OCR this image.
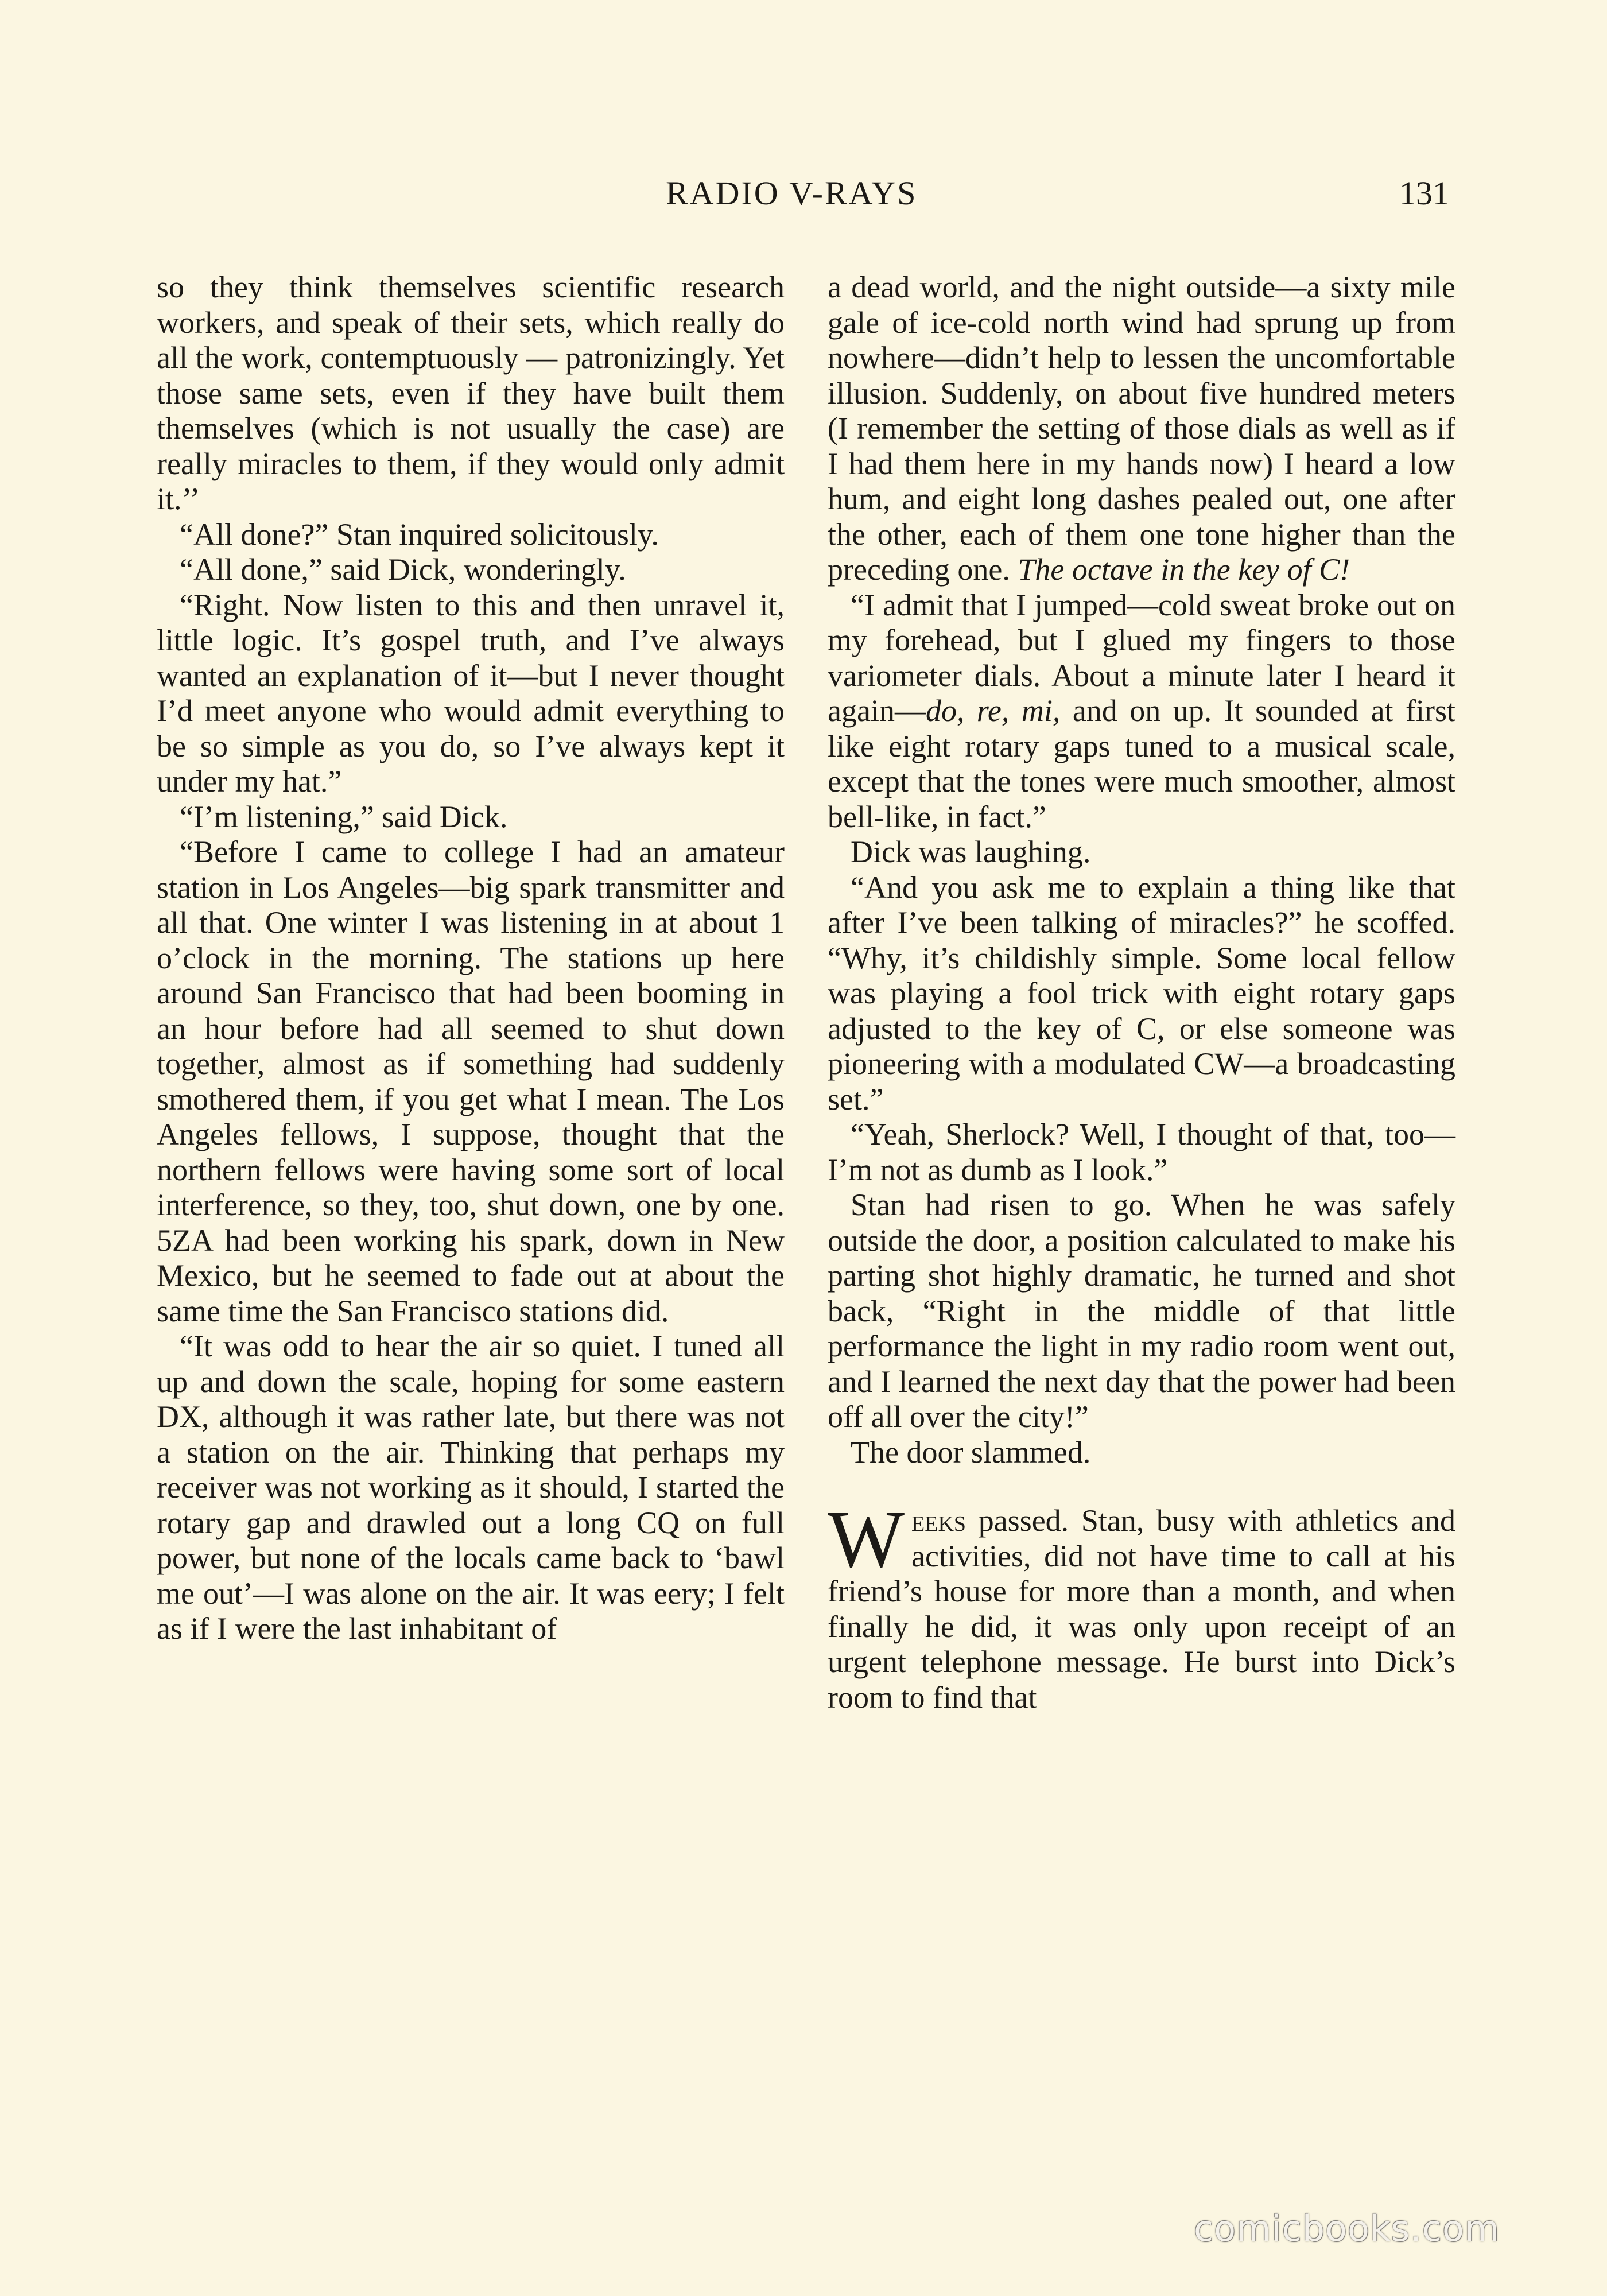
RADIO V-RAYS	131

so they think themselves scientific research workers, and speak of their sets, which really do all the work, contemptuously — patronizingly. Yet those same sets, even if they have built them themselves (which is not usually the case) are really miracles to them, if they would only admit it.’’

“All done?” Stan inquired solicitously.

“All done,” said Dick, wonderingly.

“Right. Now listen to this and then unravel it, little logic. It’s gospel truth, and I’ve always wanted an explanation of it—but I never thought I’d meet anyone who would admit everything to be so simple as you do, so I’ve always kept it under my hat.”

“I’m listening,” said Dick.

“Before I came to college I had an amateur station in Los Angeles—big spark transmitter and all that. One winter I was listening in at about 1 o’clock in the morning. The stations up here around San Francisco that had been booming in an hour before had all seemed to shut down together, almost as if something had suddenly smothered them, if you get what I mean. The Los Angeles fellows, I suppose, thought that the northern fellows were having some sort of local interference, so they, too, shut down, one by one. 5ZA had been working his spark, down in New Mexico, but he seemed to fade out at about the same time the San Francisco stations did.

“It was odd to hear the air so quiet. I tuned all up and down the scale, hoping for some eastern DX, although it was rather late, but there was not a station on the air. Thinking that perhaps my receiver was not working as it should, I started the rotary gap and drawled out a long CQ on full power, but none of the locals came back to ‘bawl me out’—I was alone on the air. It was eery; I felt as if I were the last inhabitant of

a dead world, and the night outside—a sixty mile gale of ice-cold north wind had sprung up from nowhere—didn’t help to lessen the uncomfortable illusion. Suddenly, on about five hundred meters (I remember the setting of those dials as well as if I had them here in my hands now) I heard a low hum, and eight long dashes pealed out, one after the other, each of them one tone higher than the preceding one. The octave in the key of C!

“I admit that I jumped—cold sweat broke out on my forehead, but I glued my fingers to those variometer dials. About a minute later I heard it again—do, re, mi, and on up. It sounded at first like eight rotary gaps tuned to a musical scale, except that the tones were much smoother, almost bell-like, in fact.”

Dick was laughing.

“And you ask me to explain a thing like that after I’ve been talking of miracles?” he scoffed. “Why, it’s childishly simple. Some local fellow was playing a fool trick with eight rotary gaps adjusted to the key of C, or else someone was pioneering with a modulated CW—a broadcasting set.”

“Yeah, Sherlock? Well, I thought of that, too—I’m not as dumb as I look.”

Stan had risen to go. When he was safely outside the door, a position calculated to make his parting shot highly dramatic, he turned and shot back, “Right in the middle of that little performance the light in my radio room went out, and I learned the next day that the power had been off all over the city!”

The door slammed.

Weeks passed. Stan, busy with athletics and activities, did not have time to call at his friend’s house for more than a month, and when finally he did, it was only upon receipt of an urgent telephone message. He burst into Dick’s room to find that

comicbooks.com
